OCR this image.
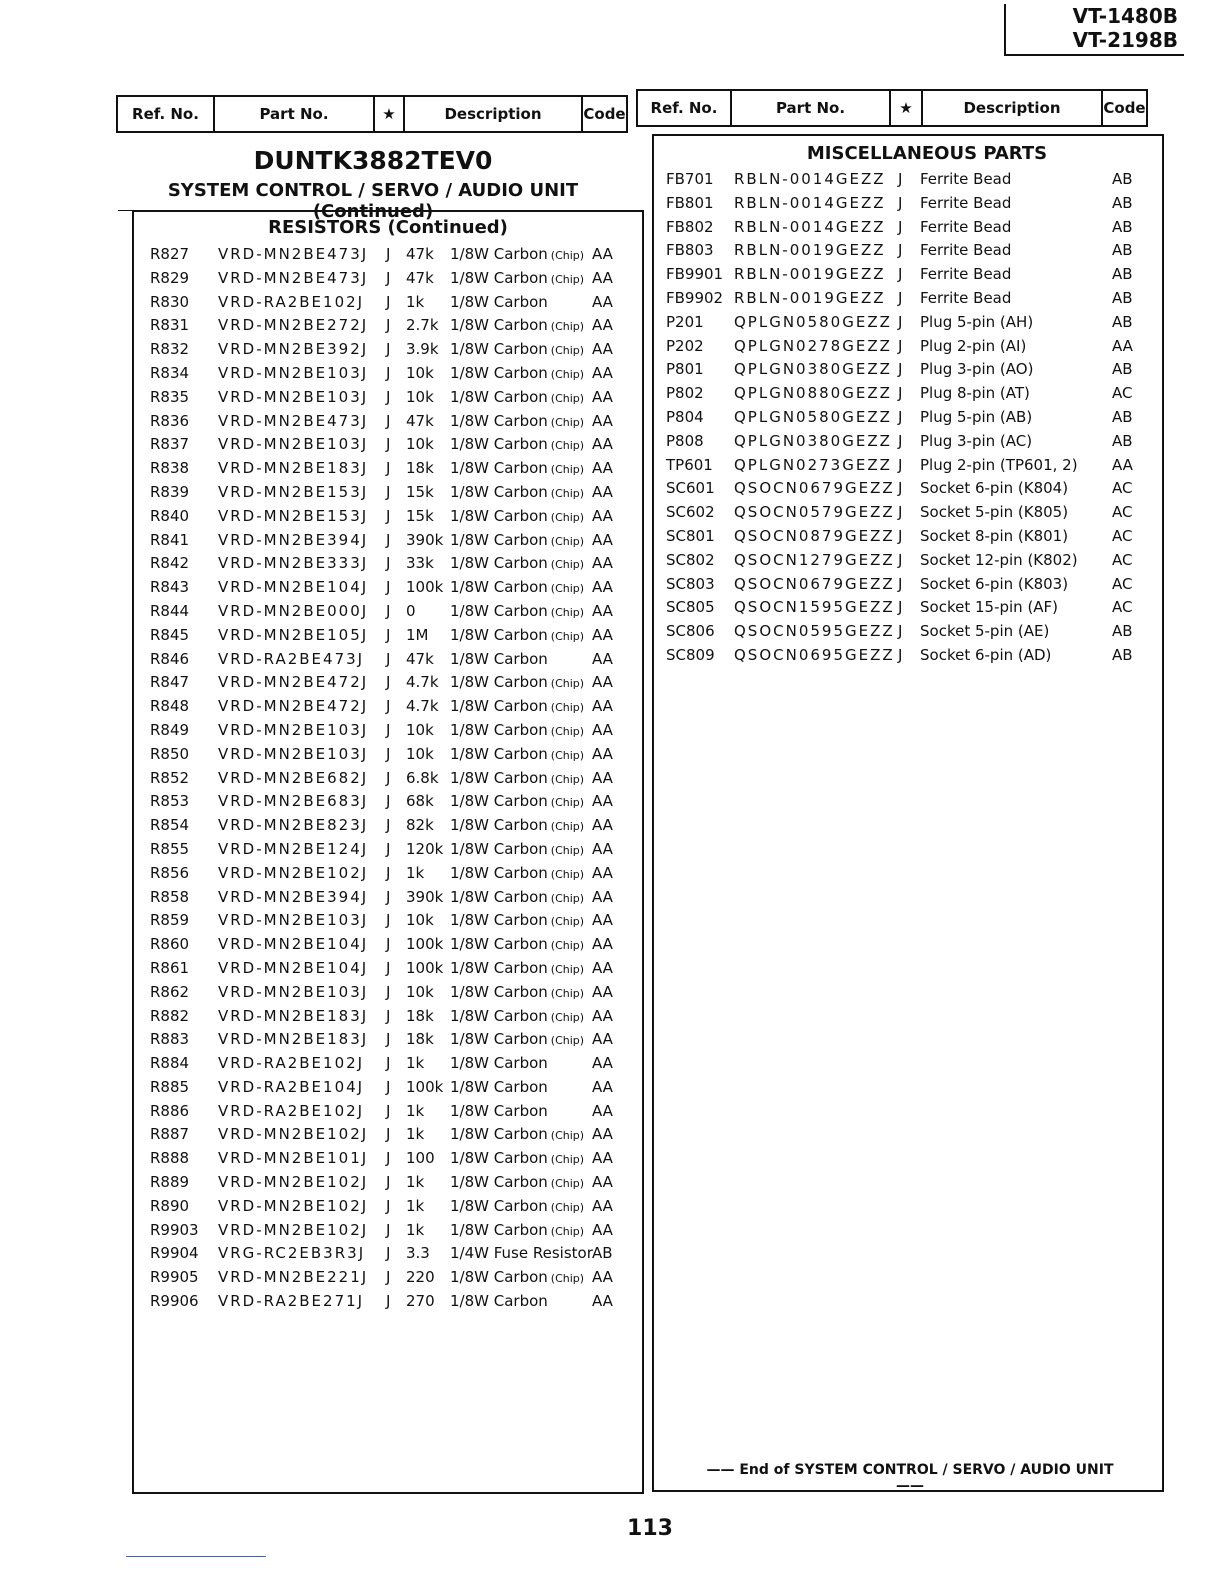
VT-1480B
VT-2198B
Ref. No.	Part No.	★	Description	Code	Ref. No.	Part No.	★	Description	Code
DUNTK3882TEV0
SYSTEM CONTROL / SERVO / AUDIO UNIT (Continued)
RESISTORS (Continued)
R827 VRD-MN2BE473J J 47k 1/8W Carbon (Chip) AA
R829 VRD-MN2BE473J J 47k 1/8W Carbon (Chip) AA
R830 VRD-RA2BE102J J 1k 1/8W Carbon	AA
R831 VRD-MN2BE272J J 2.7k 1/8W Carbon (Chip) AA
R832 VRD-MN2BE392J J 3.9k 1/8W Carbon (Chip) AA
R834 VRD-MN2BE103J J 10k 1/8W Carbon (Chip) AA
R835 VRD-MN2BE103J J 10k 1/8W Carbon (Chip) AA
R836 VRD-MN2BE473J J 47k 1/8W Carbon (Chip) AA
R837 VRD-MN2BE103J J 10k 1/8W Carbon (Chip) AA
R838 VRD-MN2BE183J J 18k 1/8W Carbon (Chip) AA
R839 VRD-MN2BE153J J 15k 1/8W Carbon (Chip) AA
R840 VRD-MN2BE153J J 15k 1/8W Carbon (Chip) AA
R841 VRD-MN2BE394J J 390k 1/8W Carbon (Chip) AA
R842 VRD-MN2BE333J J 33k 1/8W Carbon (Chip) AA
R843 VRD-MN2BE104J J 100k 1/8W Carbon (Chip) AA
R844 VRD-MN2BE000J J 0 1/8W Carbon (Chip) AA
R845 VRD-MN2BE105J J 1M 1/8W Carbon (Chip) AA
R846 VRD-RA2BE473J J 47k 1/8W Carbon	AA
R847 VRD-MN2BE472J J 4.7k 1/8W Carbon (Chip) AA
R848 VRD-MN2BE472J J 4.7k 1/8W Carbon (Chip) AA
R849 VRD-MN2BE103J J 10k 1/8W Carbon (Chip) AA
R850 VRD-MN2BE103J J 10k 1/8W Carbon (Chip) AA
R852 VRD-MN2BE682J J 6.8k 1/8W Carbon (Chip) AA
R853 VRD-MN2BE683J J 68k 1/8W Carbon (Chip) AA
R854 VRD-MN2BE823J J 82k 1/8W Carbon (Chip) AA
R855 VRD-MN2BE124J J 120k 1/8W Carbon (Chip) AA
R856 VRD-MN2BE102J J 1k 1/8W Carbon (Chip) AA
R858 VRD-MN2BE394J J 390k 1/8W Carbon (Chip) AA
R859 VRD-MN2BE103J J 10k 1/8W Carbon (Chip) AA
R860 VRD-MN2BE104J J 100k 1/8W Carbon (Chip) AA
R861 VRD-MN2BE104J J 100k 1/8W Carbon (Chip) AA
R862 VRD-MN2BE103J J 10k 1/8W Carbon (Chip) AA
R882 VRD-MN2BE183J J 18k 1/8W Carbon (Chip) AA
R883 VRD-MN2BE183J J 18k 1/8W Carbon (Chip) AA
R884 VRD-RA2BE102J J 1k 1/8W Carbon	AA
R885 VRD-RA2BE104J J 100k 1/8W Carbon	AA
R886 VRD-RA2BE102J J 1k 1/8W Carbon	AA
R887 VRD-MN2BE102J J 1k 1/8W Carbon (Chip) AA
R888 VRD-MN2BE101J J 100 1/8W Carbon (Chip) AA
R889 VRD-MN2BE102J J 1k 1/8W Carbon (Chip) AA
R890 VRD-MN2BE102J J 1k 1/8W Carbon (Chip) AA
R9903 VRD-MN2BE102J J 1k 1/8W Carbon (Chip) AA
R9904 VRG-RC2EB3R3J J 3.3 1/4W Fuse Resistor AB
R9905 VRD-MN2BE221J J 220 1/8W Carbon (Chip) AA
R9906 VRD-RA2BE271J J 270 1/8W Carbon	AA
MISCELLANEOUS PARTS
FB701 RBLN-0014GEZZ J Ferrite Bead	AB
FB801 RBLN-0014GEZZ J Ferrite Bead	AB
FB802 RBLN-0014GEZZ J Ferrite Bead	AB
FB803 RBLN-0019GEZZ J Ferrite Bead	AB
FB9901 RBLN-0019GEZZ J Ferrite Bead	AB
FB9902 RBLN-0019GEZZ J Ferrite Bead	AB
P201 QPLGN0580GEZZ J Plug 5-pin (AH)	AB
P202 QPLGN0278GEZZ J Plug 2-pin (AI)	AA
P801 QPLGN0380GEZZ J Plug 3-pin (AO)	AB
P802 QPLGN0880GEZZ J Plug 8-pin (AT)	AC
P804 QPLGN0580GEZZ J Plug 5-pin (AB)	AB
P808 QPLGN0380GEZZ J Plug 3-pin (AC)	AB
TP601 QPLGN0273GEZZ J Plug 2-pin (TP601, 2) AA
SC601 QSOCN0679GEZZ J Socket 6-pin (K804)	AC
SC602 QSOCN0579GEZZ J Socket 5-pin (K805)	AC
SC801 QSOCN0879GEZZ J Socket 8-pin (K801)	AC
SC802 QSOCN1279GEZZ J Socket 12-pin (K802) AC
SC803 QSOCN0679GEZZ J Socket 6-pin (K803)	AC
SC805 QSOCN1595GEZZ J Socket 15-pin (AF)	AC
SC806 QSOCN0595GEZZ J Socket 5-pin (AE)	AB
SC809 QSOCN0695GEZZ J Socket 6-pin (AD)	AB
—— End of SYSTEM CONTROL / SERVO / AUDIO UNIT ——
113
